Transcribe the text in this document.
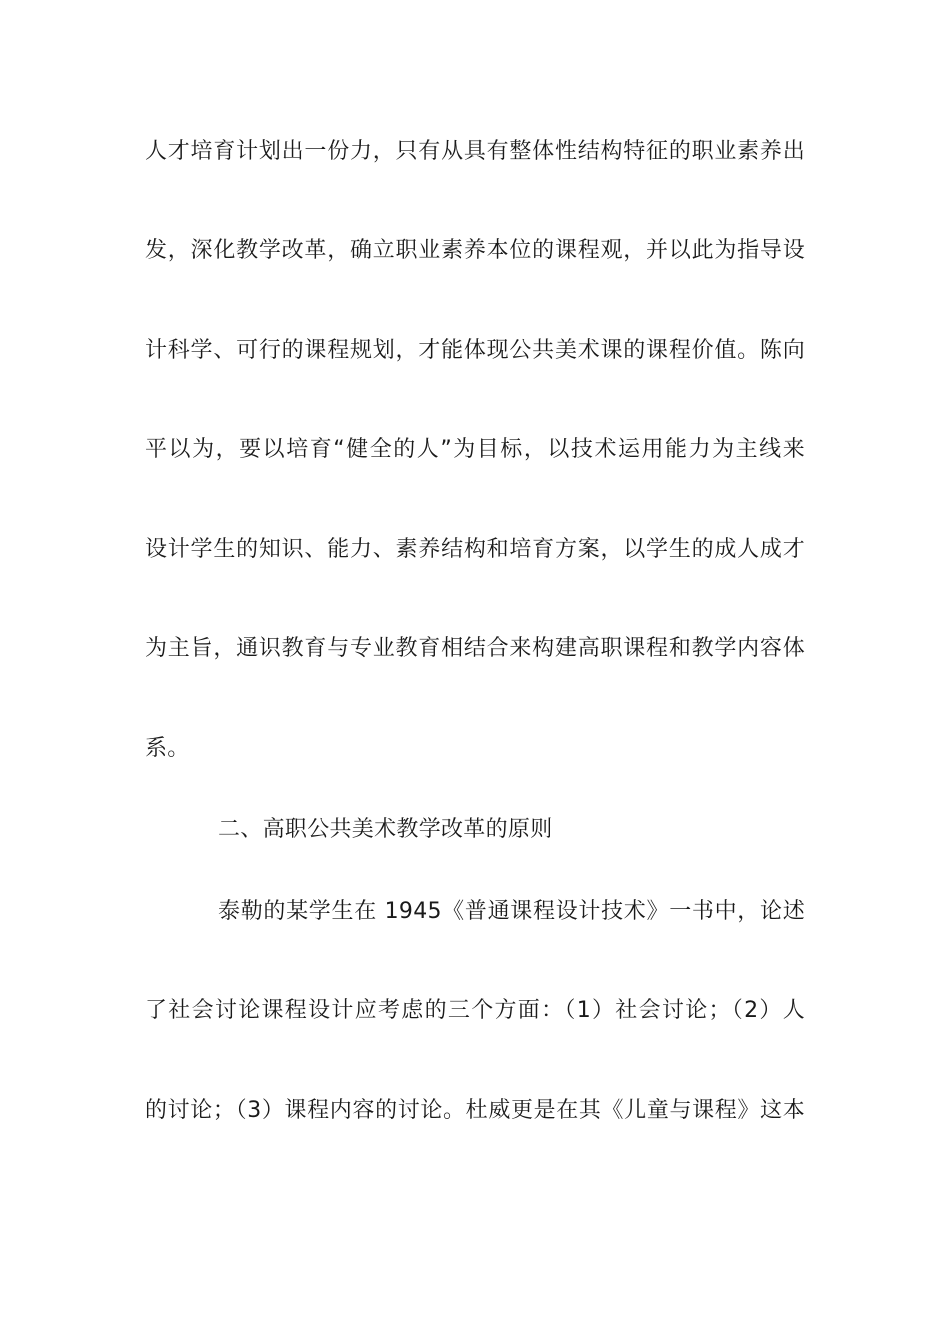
人才培育计划出一份力，只有从具有整体性结构特征的职业素养出
发，深化教学改革，确立职业素养本位的课程观，并以此为指导设
计科学、可行的课程规划，才能体现公共美术课的课程价值。陈向
平以为，要以培育“健全的人”为目标，以技术运用能力为主线来
设计学生的知识、能力、素养结构和培育方案，以学生的成人成才
为主旨，通识教育与专业教育相结合来构建高职课程和教学内容体
系。
二、高职公共美术教学改革的原则
泰勒的某学生在 1945《普通课程设计技术》一书中，论述
了社会讨论课程设计应考虑的三个方面：（1）社会讨论；（2）人
的讨论；（3）课程内容的讨论。杜威更是在其《儿童与课程》这本
